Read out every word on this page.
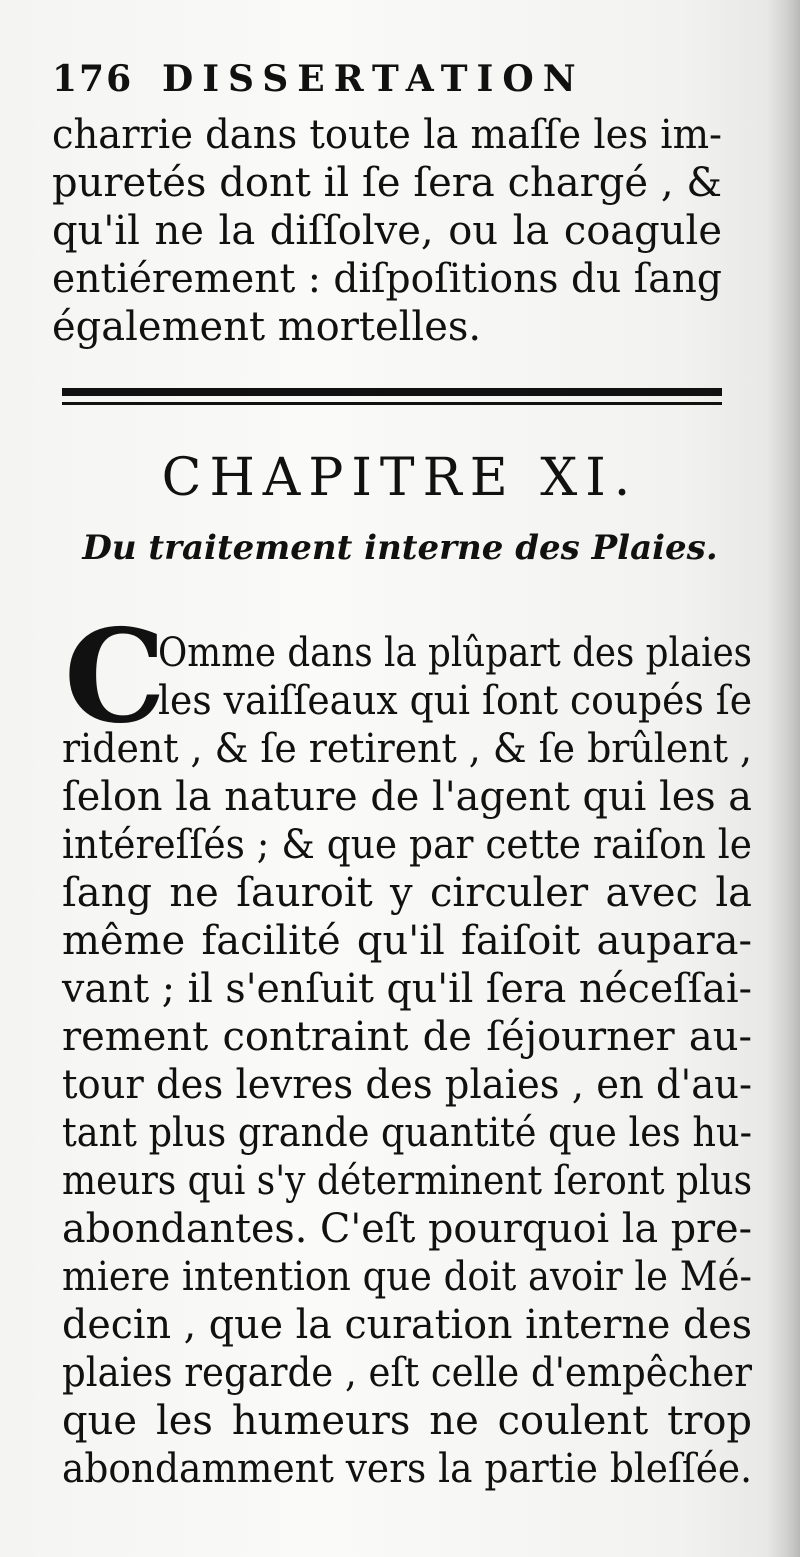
176 DISSERTATION
charrie dans toute la maſſe les im-
puretés dont il ſe ſera chargé , &
qu'il ne la diſſolve, ou la coagule
entiérement : diſpoſitions du ſang
également mortelles.
CHAPITRE XI.
Du traitement interne des Plaies.
C
Omme dans la plûpart des plaies
les vaiſſeaux qui ſont coupés ſe
rident , & ſe retirent , & ſe brûlent ,
ſelon la nature de l'agent qui les a
intéreſſés ; & que par cette raiſon le
ſang ne ſauroit y circuler avec la
même facilité qu'il faiſoit aupara-
vant ; il s'enſuit qu'il ſera néceſſai-
rement contraint de ſéjourner au-
tour des levres des plaies , en d'au-
tant plus grande quantité que les hu-
meurs qui s'y déterminent ſeront plus
abondantes. C'eſt pourquoi la pre-
miere intention que doit avoir le Mé-
decin , que la curation interne des
plaies regarde , eſt celle d'empêcher
que les humeurs ne coulent trop
abondamment vers la partie bleſſée.
